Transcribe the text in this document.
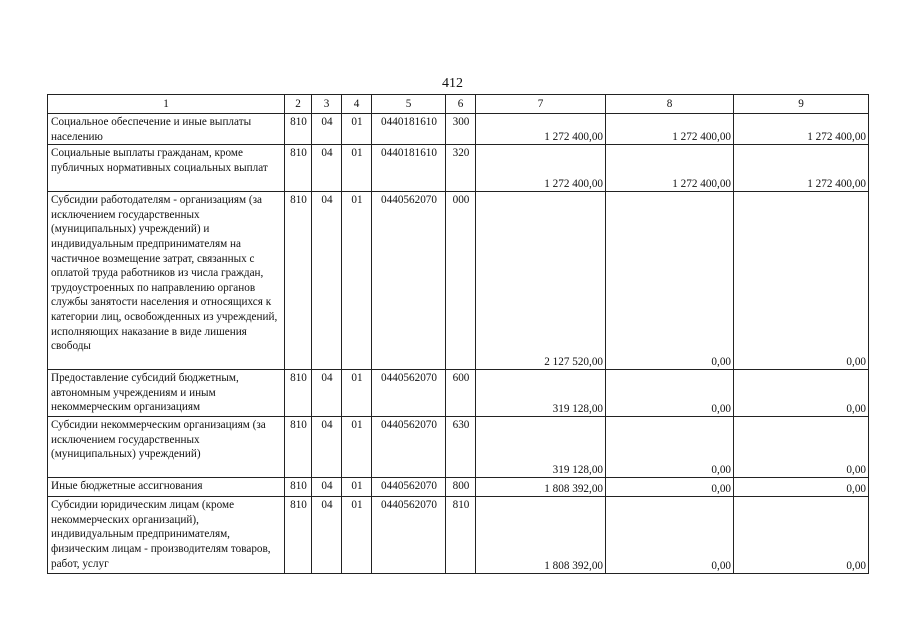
412
1	2	3	4	5	6	7	8	9
Социальное обеспечение и иные выплаты населению	810	04	01	0440181610	300	1 272 400,00	1 272 400,00	1 272 400,00
Социальные выплаты гражданам, кроме публичных нормативных социальных выплат	810	04	01	0440181610	320	1 272 400,00	1 272 400,00	1 272 400,00
Субсидии работодателям - организациям (за исключением государственных (муниципальных) учреждений) и индивидуальным предпринимателям на частичное возмещение затрат, связанных с оплатой труда работников из числа граждан, трудоустроенных по направлению органов службы занятости населения и относящихся к категории лиц, освобожденных из учреждений, исполняющих наказание в виде лишения свободы	810	04	01	0440562070	000	2 127 520,00	0,00	0,00
Предоставление субсидий бюджетным, автономным учреждениям и иным некоммерческим организациям	810	04	01	0440562070	600	319 128,00	0,00	0,00
Субсидии некоммерческим организациям (за исключением государственных (муниципальных) учреждений)	810	04	01	0440562070	630	319 128,00	0,00	0,00
Иные бюджетные ассигнования	810	04	01	0440562070	800	1 808 392,00	0,00	0,00
Субсидии юридическим лицам (кроме некоммерческих организаций), индивидуальным предпринимателям, физическим лицам - производителям товаров, работ, услуг	810	04	01	0440562070	810	1 808 392,00	0,00	0,00
